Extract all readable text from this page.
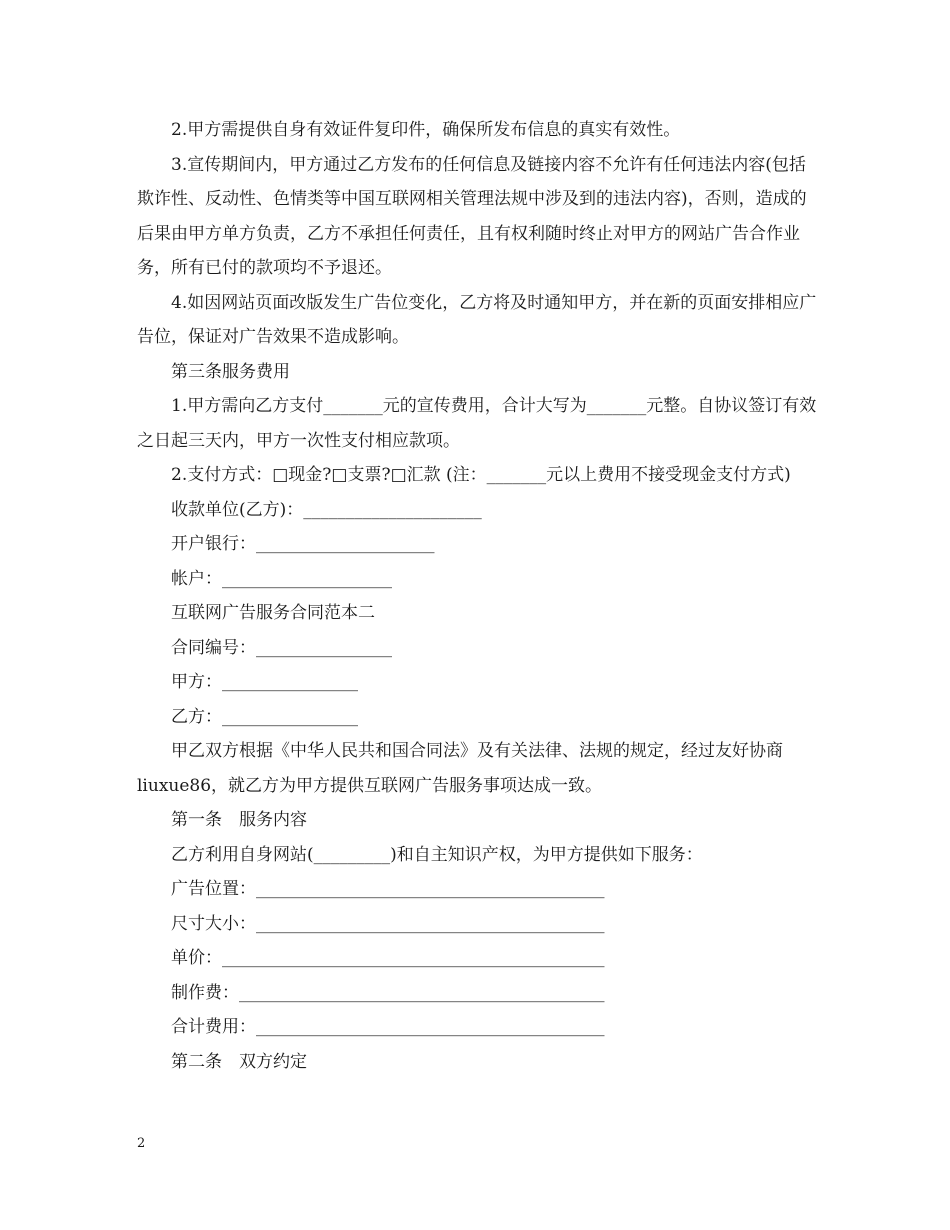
2.甲方需提供自身有效证件复印件，确保所发布信息的真实有效性。

3.宣传期间内，甲方通过乙方发布的任何信息及链接内容不允许有任何违法内容(包括欺诈性、反动性、色情类等中国互联网相关管理法规中涉及到的违法内容)，否则，造成的后果由甲方单方负责，乙方不承担任何责任，且有权利随时终止对甲方的网站广告合作业务，所有已付的款项均不予退还。

4.如因网站页面改版发生广告位变化，乙方将及时通知甲方，并在新的页面安排相应广告位，保证对广告效果不造成影响。

第三条服务费用

1.甲方需向乙方支付_______元的宣传费用，合计大写为_______元整。自协议签订有效之日起三天内，甲方一次性支付相应款项。

2.支付方式：□现金?□支票?□汇款 (注：_______元以上费用不接受现金支付方式)

收款单位(乙方)：_____________________

开户银行：_____________________

帐户：____________________

互联网广告服务合同范本二

合同编号：________________

甲方：________________

乙方：________________

甲乙双方根据《中华人民共和国合同法》及有关法律、法规的规定，经过友好协商 liuxue86，就乙方为甲方提供互联网广告服务事项达成一致。

第一条　服务内容

乙方利用自身网站(_________)和自主知识产权，为甲方提供如下服务：

广告位置：_________________________________________

尺寸大小：_________________________________________

单价：_____________________________________________

制作费：___________________________________________

合计费用：_________________________________________

第二条　双方约定

2
